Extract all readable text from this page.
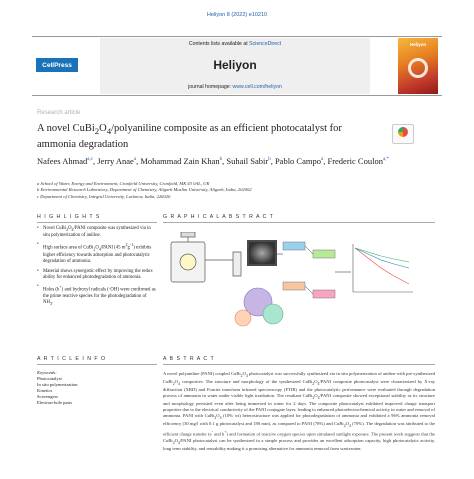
Heliyon 8 (2022) e10210
CellPress
Contents lists available at ScienceDirect
Heliyon
journal homepage: www.cell.com/heliyon
Heliyon
Research article
A novel $CuBi_2O_4$/polyaniline composite as an efficient photocatalyst for ammonia degradation
Nafees Ahmad$^{a,c}$, Jerry Anae$^a$, Mohammad Zain Khan$^b$, Suhail Sabir$^b$, Pablo Campo$^a$, Frederic Coulon$^{a,*}$
a School of Water, Energy and Environment, Cranfield University, Cranfield, MK 43 0AL, UK
b Environmental Research Laboratory, Department of Chemistry, Aligarh Muslim University, Aligarh, India, 202002
c Department of Chemistry, Integral University, Lucknow, India, 226026
H I G H L I G H T S
• Novel $CuBi_2O_4$/PANI composite was synthesized via in situ polymerization of aniline.
• High surface area of $CuBi_2O_4$/PANI (45 $m^2g^{-1}$) exhibits higher efficiency towards adsorption and photocatalytic degradation of ammonia.
• Material shows synergistic effect by improving the redox ability for enhanced photodegradation of ammonia.
• Holes (h+) and hydroxyl radicals (·OH) were confirmed as the prime reactive species for the photodegradation of $NH_3$.
G R A P H I C A L A B S T R A C T
A R T I C L E I N F O
Keywords:
Photocatalyst
In situ polymerization
Kinetics
Scavengers
Electron-hole pairs
A B S T R A C T
A novel polyaniline (PANI) coupled $CuBi_2O_4$ photocatalyst was successfully synthesized via in situ polymerization of aniline with pre-synthesized $CuBi_2O_4$ composites. The structure and morphology of the synthesized $CuBi_2O_4$/PANI composite photocatalyst were characterized by X-ray diffraction (XRD) and Fourier transform infrared spectroscopy (FTIR) and the photocatalytic performance were evaluated through degradation process of ammonia in water under visible light irradiation. The resultant $CuBi_2O_4$/PANI composite showed exceptional stability as its structure and morphology persisted even after being immersed in water for 2 days. The composite photocatalyst exhibited improved charge transport properties due to the electrical conductivity of the PANI conjugate layer, leading to enhanced photoelectrochemical activity in water and removal of ammonia. PANI with $CuBi_2O_4$ (10% wt) heterostructure was applied for photodegradation of ammonia and exhibited a 96% ammonia removal efficiency (30 mg/l with 0.1 g photocatalyst and 180 min), as compared to PANI (78%) and $CuBi_2O_4$ (70%). The degradation was attributed to the efficient charge transfer (e- and h+) and formation of reactive oxygen species upon simulated sunlight exposure. The present work suggests that the $CuBi_2O_4$/PANI photocatalyst can be synthesized in a simple process and provides an excellent adsorption capacity, high photocatalytic activity, long term stability, and reusability making it a promising alternative for ammonia removal from wastewater.
